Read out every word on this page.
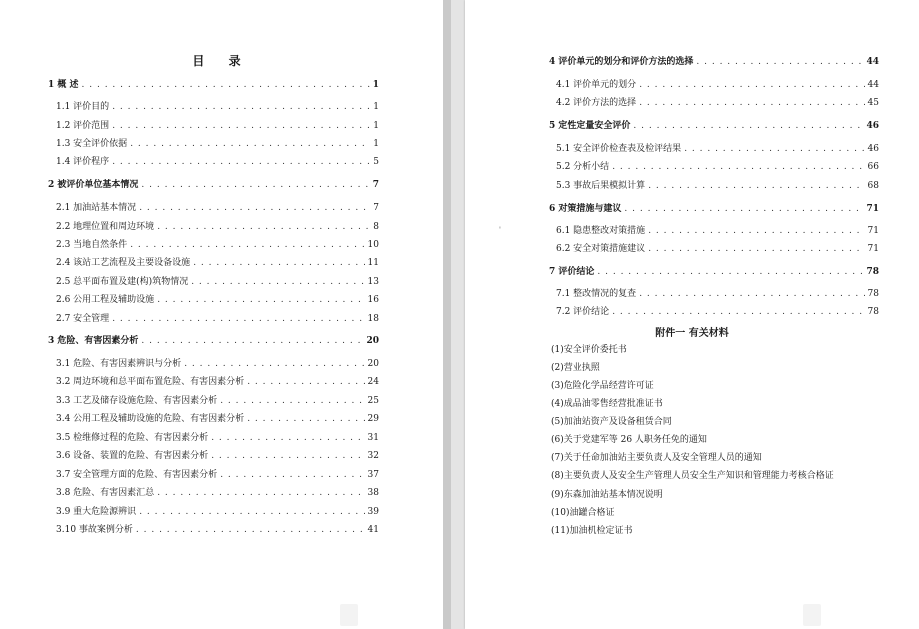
目 录
1 概 述 . . .	1
1.1 评价目的 . . .	1
1.2 评价范围 . . .	1
1.3 安全评价依据 . . .	1
1.4 评价程序 . . .	5
2 被评价单位基本情况 . . .	7
2.1 加油站基本情况 . . .	7
2.2 地理位置和周边环境 . . .	8
2.3 当地自然条件 . . .	10
2.4 该站工艺流程及主要设备设施 . . .	11
2.5 总平面布置及建(构)筑物情况 . . .	13
2.6 公用工程及辅助设施 . . .	16
2.7 安全管理 . . .	18
3 危险、有害因素分析 . . .	20
3.1 危险、有害因素辨识与分析 . . .	20
3.2 周边环境和总平面布置危险、有害因素分析 . . .	24
3.3 工艺及储存设施危险、有害因素分析 . . .	25
3.4 公用工程及辅助设施的危险、有害因素分析 . . .	29
3.5 检维修过程的危险、有害因素分析 . . .	31
3.6 设备、装置的危险、有害因素分析 . . .	32
3.7 安全管理方面的危险、有害因素分析 . . .	37
3.8 危险、有害因素汇总 . . .	38
3.9 重大危险源辨识 . . .	39
3.10 事故案例分析 . . .	41
4 评价单元的划分和评价方法的选择 . . .	44
4.1 评价单元的划分 . . .	44
4.2 评价方法的选择 . . .	45
5 定性定量安全评价 . . .	46
5.1 安全评价检查表及检评结果 . . .	46
5.2 分析小结 . . .	66
5.3 事故后果模拟计算 . . .	68
6 对策措施与建议 . . .	71
6.1 隐患整改对策措施 . . .	71
6.2 安全对策措施建议 . . .	71
7 评价结论 . . .	78
7.1 整改情况的复查 . . .	78
7.2 评价结论 . . .	78
'
附件一 有关材料
(1)安全评价委托书
(2)营业执照
(3)危险化学品经营许可证
(4)成品油零售经营批准证书
(5)加油站资产及设备租赁合同
(6)关于党建军等 26 人职务任免的通知
(7)关于任命加油站主要负责人及安全管理人员的通知
(8)主要负责人及安全生产管理人员安全生产知识和管理能力考核合格证
(9)东森加油站基本情况说明
(10)油罐合格证
(11)加油机检定证书
